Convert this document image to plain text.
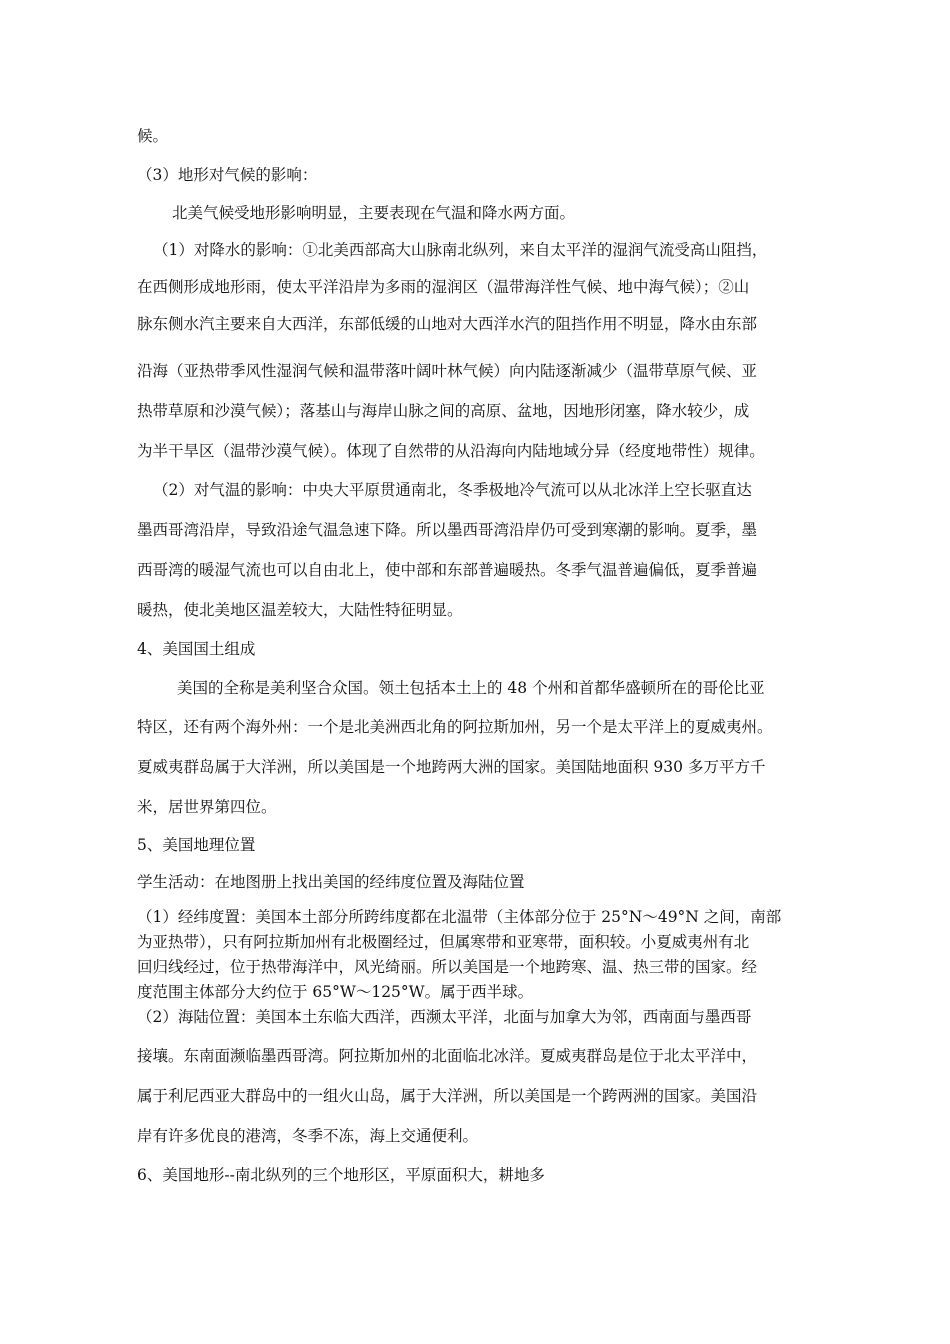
候。
（3）地形对气候的影响：
北美气候受地形影响明显，主要表现在气温和降水两方面。
（1）对降水的影响：①北美西部高大山脉南北纵列，来自太平洋的湿润气流受高山阻挡，
在西侧形成地形雨，使太平洋沿岸为多雨的湿润区（温带海洋性气候、地中海气候）；②山
脉东侧水汽主要来自大西洋，东部低缓的山地对大西洋水汽的阻挡作用不明显，降水由东部
沿海（亚热带季风性湿润气候和温带落叶阔叶林气候）向内陆逐渐减少（温带草原气候、亚
热带草原和沙漠气候）；落基山与海岸山脉之间的高原、盆地，因地形闭塞，降水较少，成
为半干旱区（温带沙漠气候）。体现了自然带的从沿海向内陆地域分异（经度地带性）规律。
（2）对气温的影响：中央大平原贯通南北，冬季极地冷气流可以从北冰洋上空长驱直达
墨西哥湾沿岸，导致沿途气温急速下降。所以墨西哥湾沿岸仍可受到寒潮的影响。夏季，墨
西哥湾的暖湿气流也可以自由北上，使中部和东部普遍暖热。冬季气温普遍偏低，夏季普遍
暖热，使北美地区温差较大，大陆性特征明显。
4、美国国土组成
美国的全称是美利坚合众国。领土包括本土上的 48 个州和首都华盛顿所在的哥伦比亚
特区，还有两个海外州：一个是北美洲西北角的阿拉斯加州，另一个是太平洋上的夏威夷州。
夏威夷群岛属于大洋洲，所以美国是一个地跨两大洲的国家。美国陆地面积 930 多万平方千
米，居世界第四位。
5、美国地理位置
学生活动：在地图册上找出美国的经纬度位置及海陆位置
（1）经纬度置：美国本土部分所跨纬度都在北温带（主体部分位于 25°N～49°N 之间，南部
为亚热带），只有阿拉斯加州有北极圈经过，但属寒带和亚寒带，面积较。小夏威夷州有北
回归线经过，位于热带海洋中，风光绮丽。所以美国是一个地跨寒、温、热三带的国家。经
度范围主体部分大约位于 65°W～125°W。属于西半球。
（2）海陆位置：美国本土东临大西洋，西濒太平洋，北面与加拿大为邻，西南面与墨西哥
接壤。东南面濒临墨西哥湾。阿拉斯加州的北面临北冰洋。夏威夷群岛是位于北太平洋中，
属于利尼西亚大群岛中的一组火山岛，属于大洋洲，所以美国是一个跨两洲的国家。美国沿
岸有许多优良的港湾，冬季不冻，海上交通便利。
6、美国地形--南北纵列的三个地形区，平原面积大，耕地多
